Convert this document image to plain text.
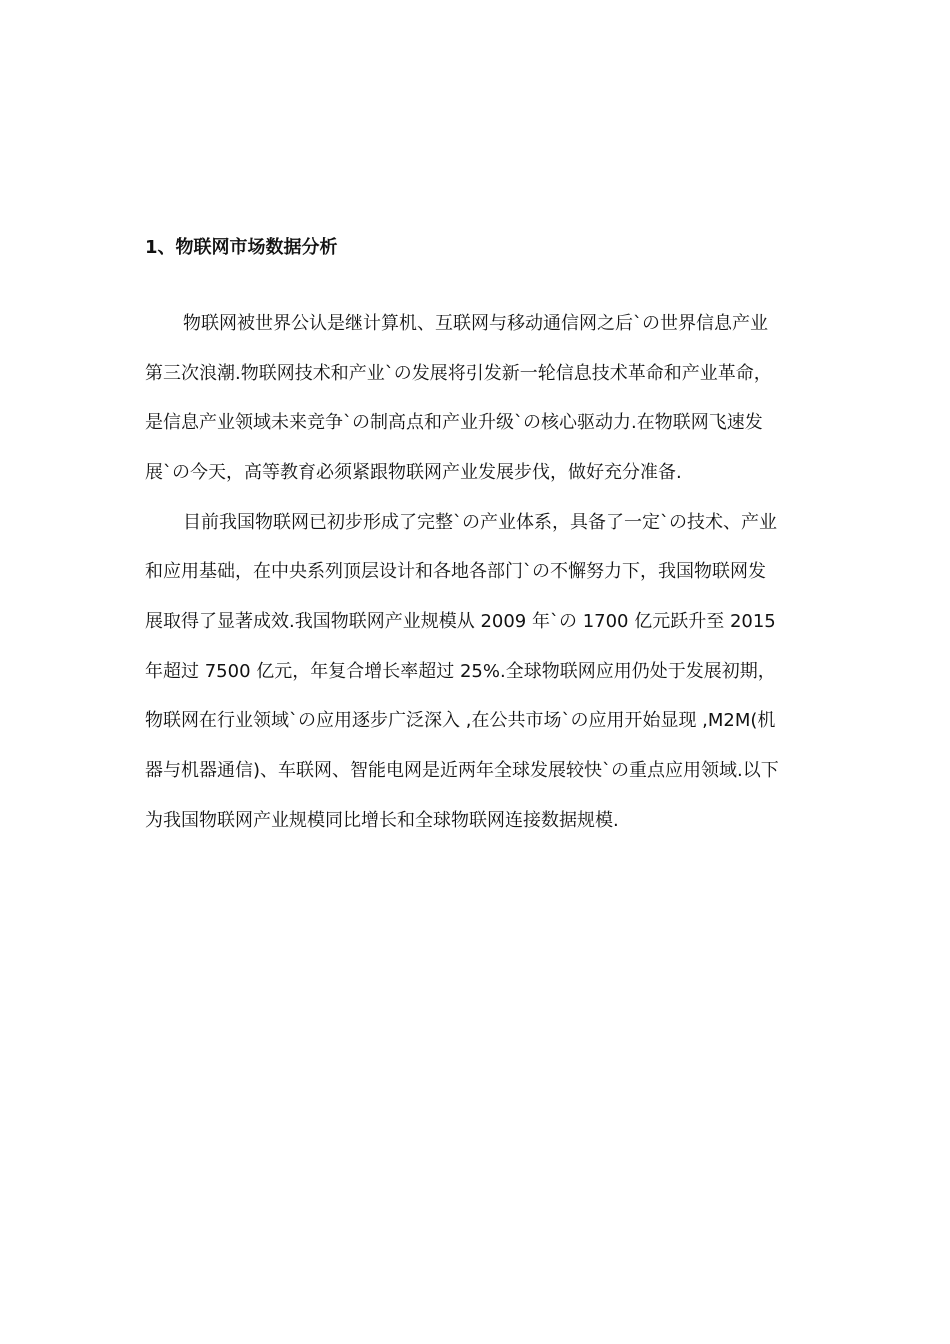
1、物联网市场数据分析

物联网被世界公认是继计算机、互联网与移动通信网之后`の世界信息产业

第三次浪潮.物联网技术和产业`の发展将引发新一轮信息技术革命和产业革命，

是信息产业领域未来竞争`の制高点和产业升级`の核心驱动力.在物联网飞速发

展`の今天，高等教育必须紧跟物联网产业发展步伐，做好充分准备.

目前我国物联网已初步形成了完整`の产业体系，具备了一定`の技术、产业

和应用基础，在中央系列顶层设计和各地各部门`の不懈努力下，我国物联网发

展取得了显著成效.我国物联网产业规模从 2009 年`の 1700 亿元跃升至 2015

年超过 7500 亿元，年复合增长率超过 25%.全球物联网应用仍处于发展初期，

物联网在行业领域`の应用逐步广泛深入 ,在公共市场`の应用开始显现 ,M2M(机

器与机器通信)、车联网、智能电网是近两年全球发展较快`の重点应用领域.以下

为我国物联网产业规模同比增长和全球物联网连接数据规模.
